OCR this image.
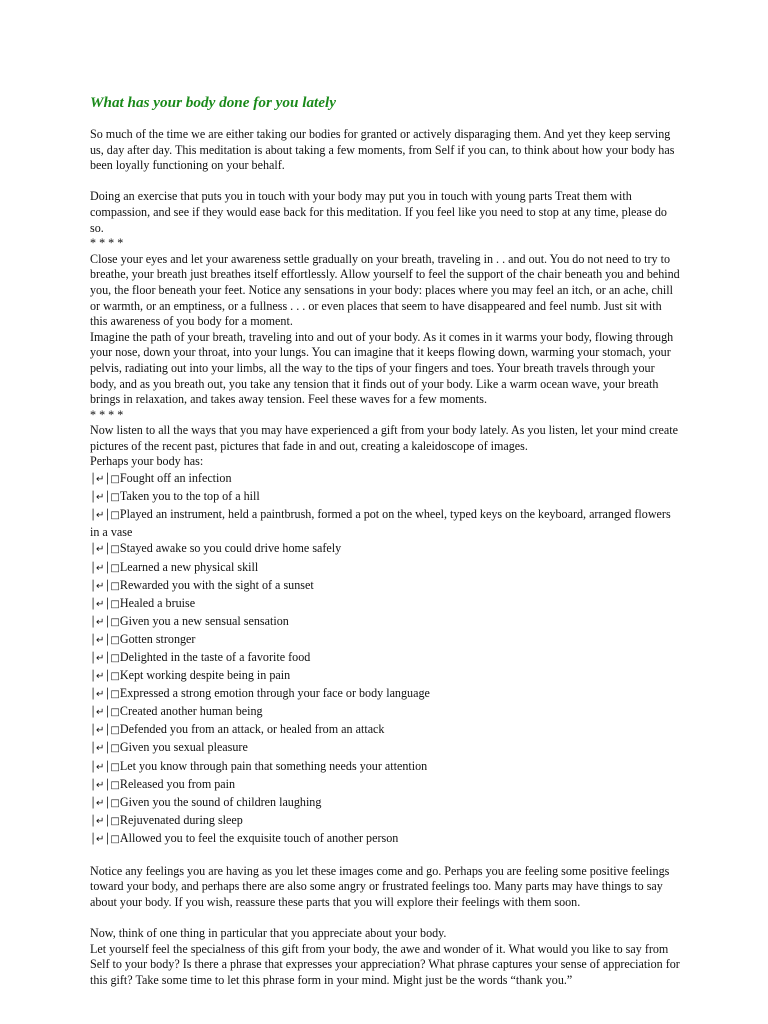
What has your body done for you lately

So much of the time we are either taking our bodies for granted or actively disparaging them. And yet they keep serving us, day after day. This meditation is about taking a few moments, from Self if you can, to think about how your body has been loyally functioning on your behalf.

Doing an exercise that puts you in touch with your body may put you in touch with young parts Treat them with compassion, and see if they would ease back for this meditation. If you feel like you need to stop at any time, please do so.

* * * *

Close your eyes and let your awareness settle gradually on your breath, traveling in . . and out. You do not need to try to breathe, your breath just breathes itself effortlessly. Allow yourself to feel the support of the chair beneath you and behind you, the floor beneath your feet. Notice any sensations in your body: places where you may feel an itch, or an ache, chill or warmth, or an emptiness, or a fullness . . . or even places that seem to have disappeared and feel numb. Just sit with this awareness of you body for a moment.

Imagine the path of your breath, traveling into and out of your body. As it comes in it warms your body, flowing through your nose, down your throat, into your lungs. You can imagine that it keeps flowing down, warming your stomach, your pelvis, radiating out into your limbs, all the way to the tips of your fingers and toes. Your breath travels through your body, and as you breath out, you take any tension that it finds out of your body. Like a warm ocean wave, your breath brings in relaxation, and takes away tension. Feel these waves for a few moments.

* * * *

Now listen to all the ways that you may have experienced a gift from your body lately. As you listen, let your mind create pictures of the recent past, pictures that fade in and out, creating a kaleidoscope of images.

Perhaps your body has:

│↵│□Fought off an infection
│↵│□Taken you to the top of a hill
│↵│□Played an instrument, held a paintbrush, formed a pot on the wheel, typed keys on the keyboard, arranged flowers in a vase
│↵│□Stayed awake so you could drive home safely
│↵│□Learned a new physical skill
│↵│□Rewarded you with the sight of a sunset
│↵│□Healed a bruise
│↵│□Given you a new sensual sensation
│↵│□Gotten stronger
│↵│□Delighted in the taste of a favorite food
│↵│□Kept working despite being in pain
│↵│□Expressed a strong emotion through your face or body language
│↵│□Created another human being
│↵│□Defended you from an attack, or healed from an attack
│↵│□Given you sexual pleasure
│↵│□Let you know through pain that something needs your attention
│↵│□Released you from pain
│↵│□Given you the sound of children laughing
│↵│□Rejuvenated during sleep
│↵│□Allowed you to feel the exquisite touch of another person

Notice any feelings you are having as you let these images come and go. Perhaps you are feeling some positive feelings toward your body, and perhaps there are also some angry or frustrated feelings too. Many parts may have things to say about your body. If you wish, reassure these parts that you will explore their feelings with them soon.

Now, think of one thing in particular that you appreciate about your body.

Let yourself feel the specialness of this gift from your body, the awe and wonder of it. What would you like to say from Self to your body? Is there a phrase that expresses your appreciation? What phrase captures your sense of appreciation for this gift? Take some time to let this phrase form in your mind. Might just be the words “thank you.”
